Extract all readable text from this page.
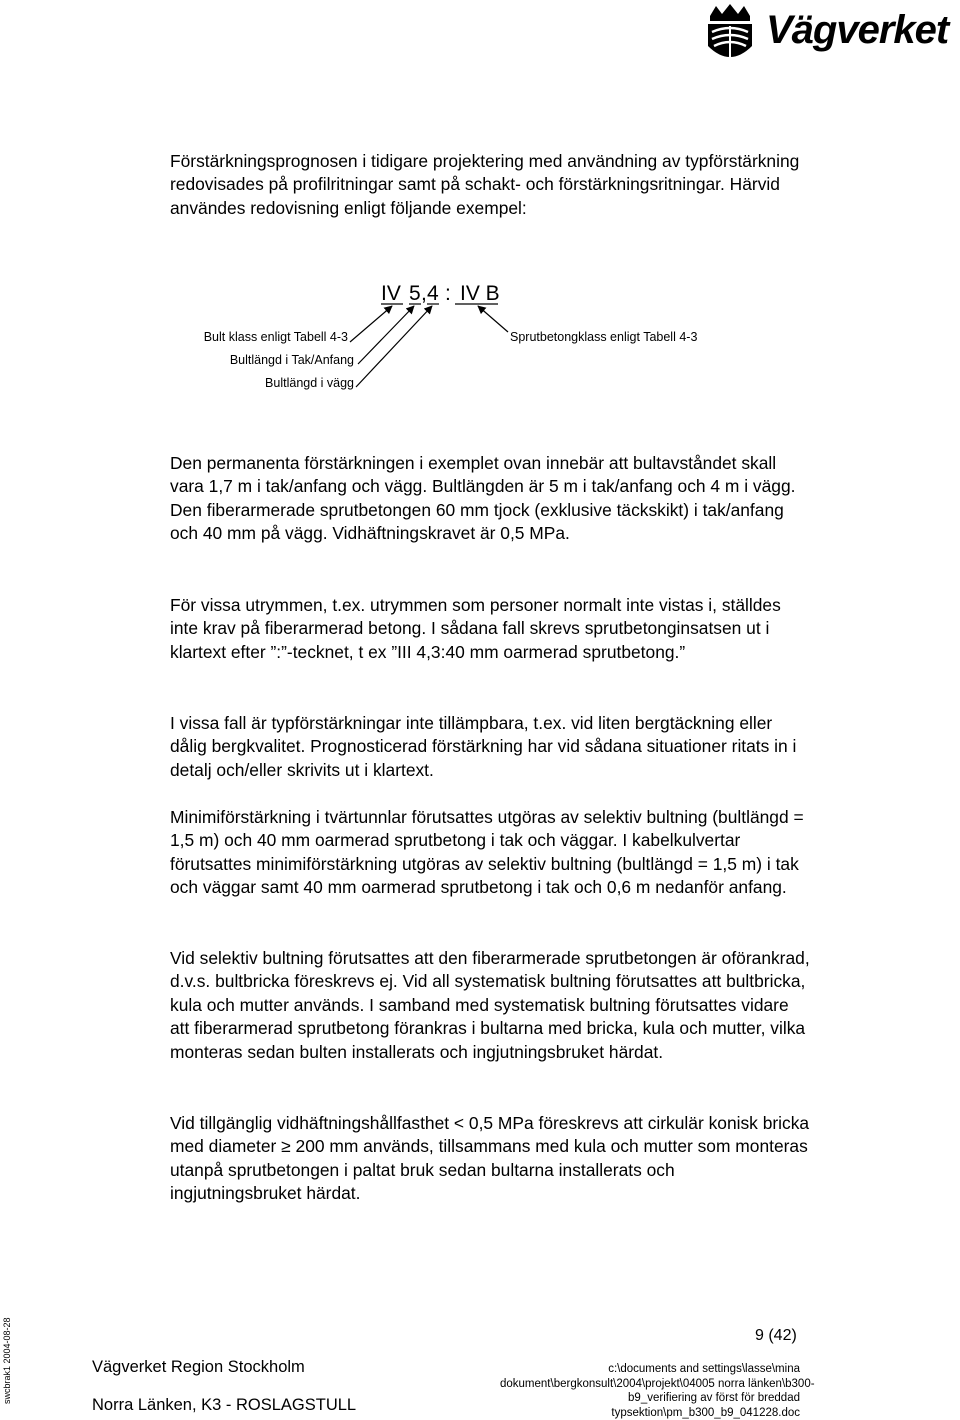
Vägverket

Förstärkningsprognosen i tidigare projektering med användning av typförstärkning redovisades på profilritningar samt på schakt- och förstärkningsritningar. Härvid användes redovisning enligt följande exempel:

IV 5 , 4 : IV B
Bult klass enligt Tabell 4-3
Bultlängd i Tak/Anfang
Bultlängd i vägg
Sprutbetongklass enligt Tabell 4-3

Den permanenta förstärkningen i exemplet ovan innebär att bultavståndet skall vara 1,7 m i tak/anfang och vägg. Bultlängden är 5 m i tak/anfang och 4 m i vägg. Den fiberarmerade sprutbetongen 60 mm tjock (exklusive täckskikt) i tak/anfang och 40 mm på vägg. Vidhäftningskravet är 0,5 MPa.

För vissa utrymmen, t.ex. utrymmen som personer normalt inte vistas i, ställdes inte krav på fiberarmerad betong. I sådana fall skrevs sprutbetonginsatsen ut i klartext efter ”:”-tecknet, t ex ”III 4,3:40 mm oarmerad sprutbetong.”

I vissa fall är typförstärkningar inte tillämpbara, t.ex. vid liten bergtäckning eller dålig bergkvalitet. Prognosticerad förstärkning har vid sådana situationer ritats in i detalj och/eller skrivits ut i klartext.

Minimiförstärkning i tvärtunnlar förutsattes utgöras av selektiv bultning (bultlängd = 1,5 m) och 40 mm oarmerad sprutbetong i tak och väggar. I kabelkulvertar förutsattes minimiförstärkning utgöras av selektiv bultning (bultlängd = 1,5 m) i tak och väggar samt 40 mm oarmerad sprutbetong i tak och 0,6 m nedanför anfang.

Vid selektiv bultning förutsattes att den fiberarmerade sprutbetongen är oförankrad, d.v.s. bultbricka föreskrevs ej. Vid all systematisk bultning förutsattes att bultbricka, kula och mutter används. I samband med systematisk bultning förutsattes vidare att fiberarmerad sprutbetong förankras i bultarna med bricka, kula och mutter, vilka monteras sedan bulten installerats och ingjutningsbruket härdat.

Vid tillgänglig vidhäftningshållfasthet < 0,5 MPa föreskrevs att cirkulär konisk bricka med diameter ≥ 200 mm används, tillsammans med kula och mutter som monteras utanpå sprutbetongen i paltat bruk sedan bultarna installerats och ingjutningsbruket härdat.

swcbrak1 2004-08-28	9 (42)
Vägverket Region Stockholm
Norra Länken, K3 - ROSLAGSTULL
c:\documents and settings\lasse\mina
dokument\bergkonsult\2004\projekt\04005 norra länken\b300-
b9_verifiering av först för breddad
typsektion\pm_b300_b9_041228.doc
